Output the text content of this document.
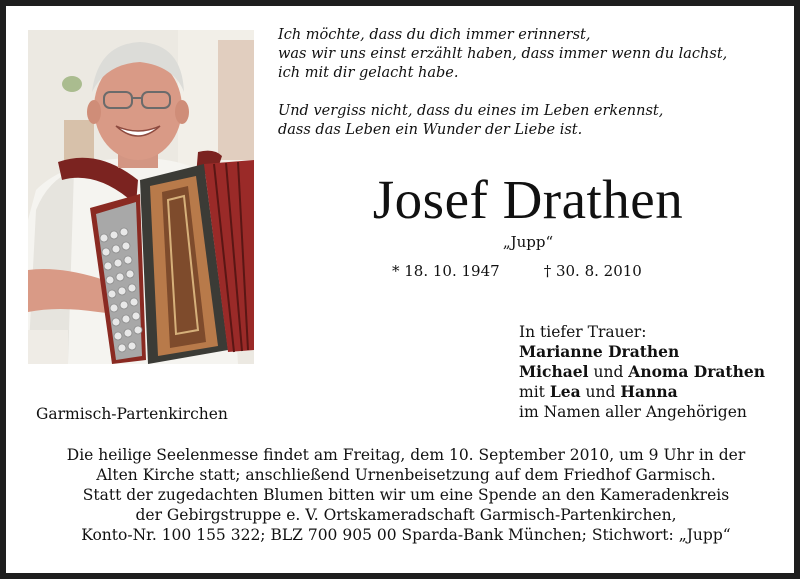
Ich möchte, dass du dich immer erinnerst,
was wir uns einst erzählt haben, dass immer wenn du lachst,
ich mit dir gelacht habe.

Und vergiss nicht, dass du eines im Leben erkennst,
dass das Leben ein Wunder der Liebe ist.

Josef Drathen
„Jupp“
* 18. 10. 1947	† 30. 8. 2010
In tiefer Trauer:
Marianne Drathen
Michael und Anoma Drathen
mit Lea und Hanna
im Namen aller Angehörigen
Garmisch-Partenkirchen
Die heilige Seelenmesse findet am Freitag, dem 10. September 2010, um 9 Uhr in der
Alten Kirche statt; anschließend Urnenbeisetzung auf dem Friedhof Garmisch.
Statt der zugedachten Blumen bitten wir um eine Spende an den Kameradenkreis
der Gebirgstruppe e. V. Ortskameradschaft Garmisch-Partenkirchen,
Konto-Nr. 100 155 322; BLZ 700 905 00 Sparda-Bank München; Stichwort: „Jupp“
